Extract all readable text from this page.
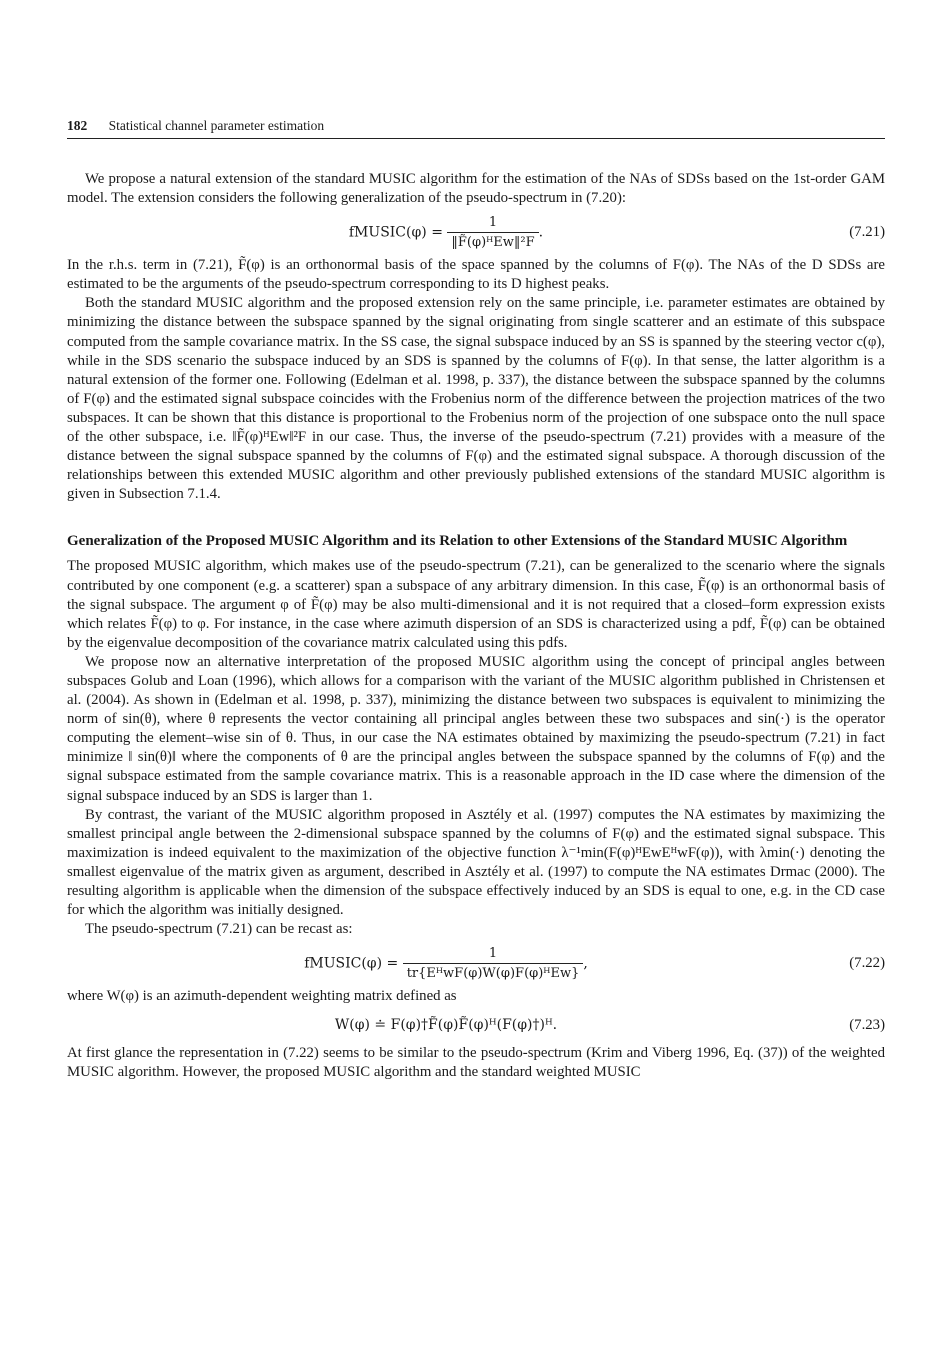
182 Statistical channel parameter estimation

We propose a natural extension of the standard MUSIC algorithm for the estimation of the NAs of SDSs based on the 1st-order GAM model. The extension considers the following generalization of the pseudo-spectrum in (7.20):

fMUSIC(φ) = $\frac{1}{\text{‖F̃(φ)ᴴEw‖²F}}$ .	(7.21)

In the r.h.s. term in (7.21), F̃(φ) is an orthonormal basis of the space spanned by the columns of F(φ). The NAs of the D SDSs are estimated to be the arguments of the pseudo-spectrum corresponding to its D highest peaks.

Both the standard MUSIC algorithm and the proposed extension rely on the same principle, i.e. parameter estimates are obtained by minimizing the distance between the subspace spanned by the signal originating from single scatterer and an estimate of this subspace computed from the sample covariance matrix. In the SS case, the signal subspace induced by an SS is spanned by the steering vector c(φ), while in the SDS scenario the subspace induced by an SDS is spanned by the columns of F(φ). In that sense, the latter algorithm is a natural extension of the former one. Following (Edelman et al. 1998, p. 337), the distance between the subspace spanned by the columns of F(φ) and the estimated signal subspace coincides with the Frobenius norm of the difference between the projection matrices of the two subspaces. It can be shown that this distance is proportional to the Frobenius norm of the projection of one subspace onto the null space of the other subspace, i.e. ‖F̃(φ)ᴴEw‖²F in our case. Thus, the inverse of the pseudo-spectrum (7.21) provides with a measure of the distance between the signal subspace spanned by the columns of F(φ) and the estimated signal subspace. A thorough discussion of the relationships between this extended MUSIC algorithm and other previously published extensions of the standard MUSIC algorithm is given in Subsection 7.1.4.

Generalization of the Proposed MUSIC Algorithm and its Relation to other Extensions of the Standard MUSIC Algorithm

The proposed MUSIC algorithm, which makes use of the pseudo-spectrum (7.21), can be generalized to the scenario where the signals contributed by one component (e.g. a scatterer) span a subspace of any arbitrary dimension. In this case, F̃(φ) is an orthonormal basis of the signal subspace. The argument φ of F̃(φ) may be also multi-dimensional and it is not required that a closed–form expression exists which relates F̃(φ) to φ. For instance, in the case where azimuth dispersion of an SDS is characterized using a pdf, F̃(φ) can be obtained by the eigenvalue decomposition of the covariance matrix calculated using this pdfs.

We propose now an alternative interpretation of the proposed MUSIC algorithm using the concept of principal angles between subspaces Golub and Loan (1996), which allows for a comparison with the variant of the MUSIC algorithm published in Christensen et al. (2004). As shown in (Edelman et al. 1998, p. 337), minimizing the distance between two subspaces is equivalent to minimizing the norm of sin(θ), where θ represents the vector containing all principal angles between these two subspaces and sin(·) is the operator computing the element–wise sin of θ. Thus, in our case the NA estimates obtained by maximizing the pseudo-spectrum (7.21) in fact minimize ‖ sin(θ)‖ where the components of θ are the principal angles between the subspace spanned by the columns of F(φ) and the signal subspace estimated from the sample covariance matrix. This is a reasonable approach in the ID case where the dimension of the signal subspace induced by an SDS is larger than 1.

By contrast, the variant of the MUSIC algorithm proposed in Asztély et al. (1997) computes the NA estimates by maximizing the smallest principal angle between the 2-dimensional subspace spanned by the columns of F(φ) and the estimated signal subspace. This maximization is indeed equivalent to the maximization of the objective function λ⁻¹min(F(φ)ᴴEwEᴴwF(φ)), with λmin(·) denoting the smallest eigenvalue of the matrix given as argument, described in Asztély et al. (1997) to compute the NA estimates Drmac (2000). The resulting algorithm is applicable when the dimension of the subspace effectively induced by an SDS is equal to one, e.g. in the CD case for which the algorithm was initially designed.

The pseudo-spectrum (7.21) can be recast as:

fMUSIC(φ) = $\frac{1}{\text{tr\{EᴴwF(φ)W(φ)F(φ)ᴴEw\}}}$ ,	(7.22)

where W(φ) is an azimuth-dependent weighting matrix defined as

W(φ) ≐ F(φ)†F̃(φ)F̃(φ)ᴴ(F(φ)†)ᴴ.	(7.23)

At first glance the representation in (7.22) seems to be similar to the pseudo-spectrum (Krim and Viberg 1996, Eq. (37)) of the weighted MUSIC algorithm. However, the proposed MUSIC algorithm and the standard weighted MUSIC
